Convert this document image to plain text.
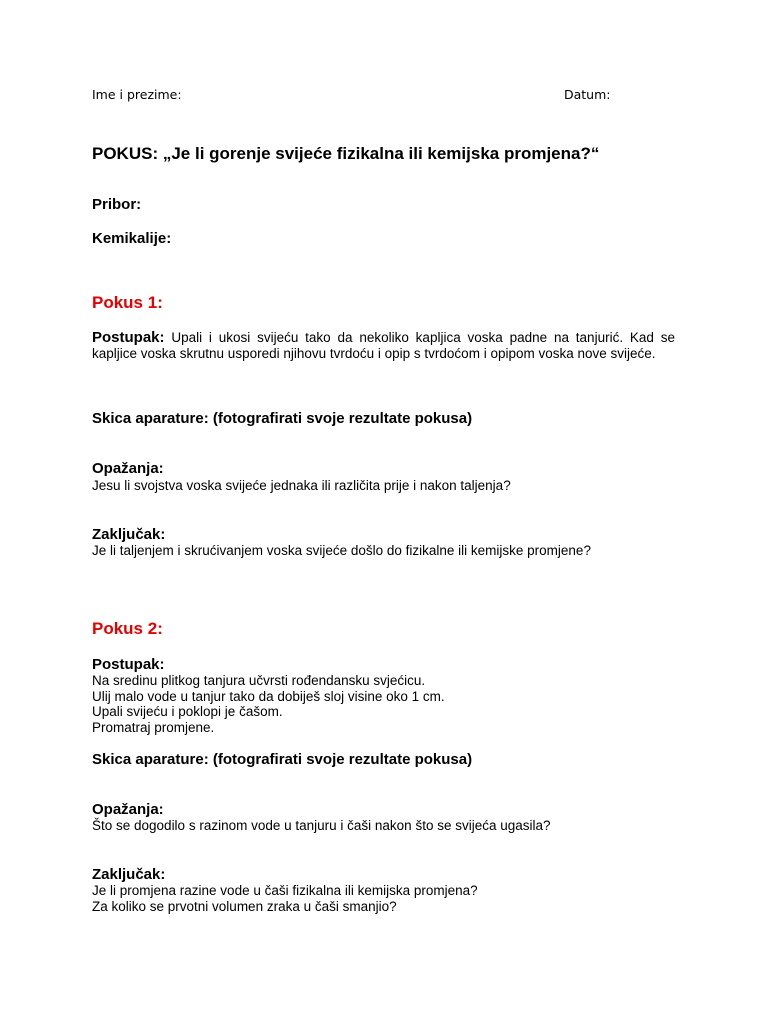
Ime i prezime:	Datum:
POKUS: „Je li gorenje svijeće fizikalna ili kemijska promjena?“
Pribor:
Kemikalije:
Pokus 1:
Postupak: Upali i ukosi svijeću tako da nekoliko kapljica voska padne na tanjurić. Kad se kapljice voska skrutnu usporedi njihovu tvrdoću i opip s tvrdoćom i opipom voska nove svijeće.
Skica aparature: (fotografirati svoje rezultate pokusa)
Opažanja:
Jesu li svojstva voska svijeće jednaka ili različita prije i nakon taljenja?
Zaključak:
Je li taljenjem i skrućivanjem voska svijeće došlo do fizikalne ili kemijske promjene?
Pokus 2:
Postupak:
Na sredinu plitkog tanjura učvrsti rođendansku svjećicu.
Ulij malo vode u tanjur tako da dobiješ sloj visine oko 1 cm.
Upali svijeću i poklopi je čašom.
Promatraj promjene.
Skica aparature: (fotografirati svoje rezultate pokusa)
Opažanja:
Što se dogodilo s razinom vode u tanjuru i čaši nakon što se svijeća ugasila?
Zaključak:
Je li promjena razine vode u čaši fizikalna ili kemijska promjena?
Za koliko se prvotni volumen zraka u čaši smanjio?
